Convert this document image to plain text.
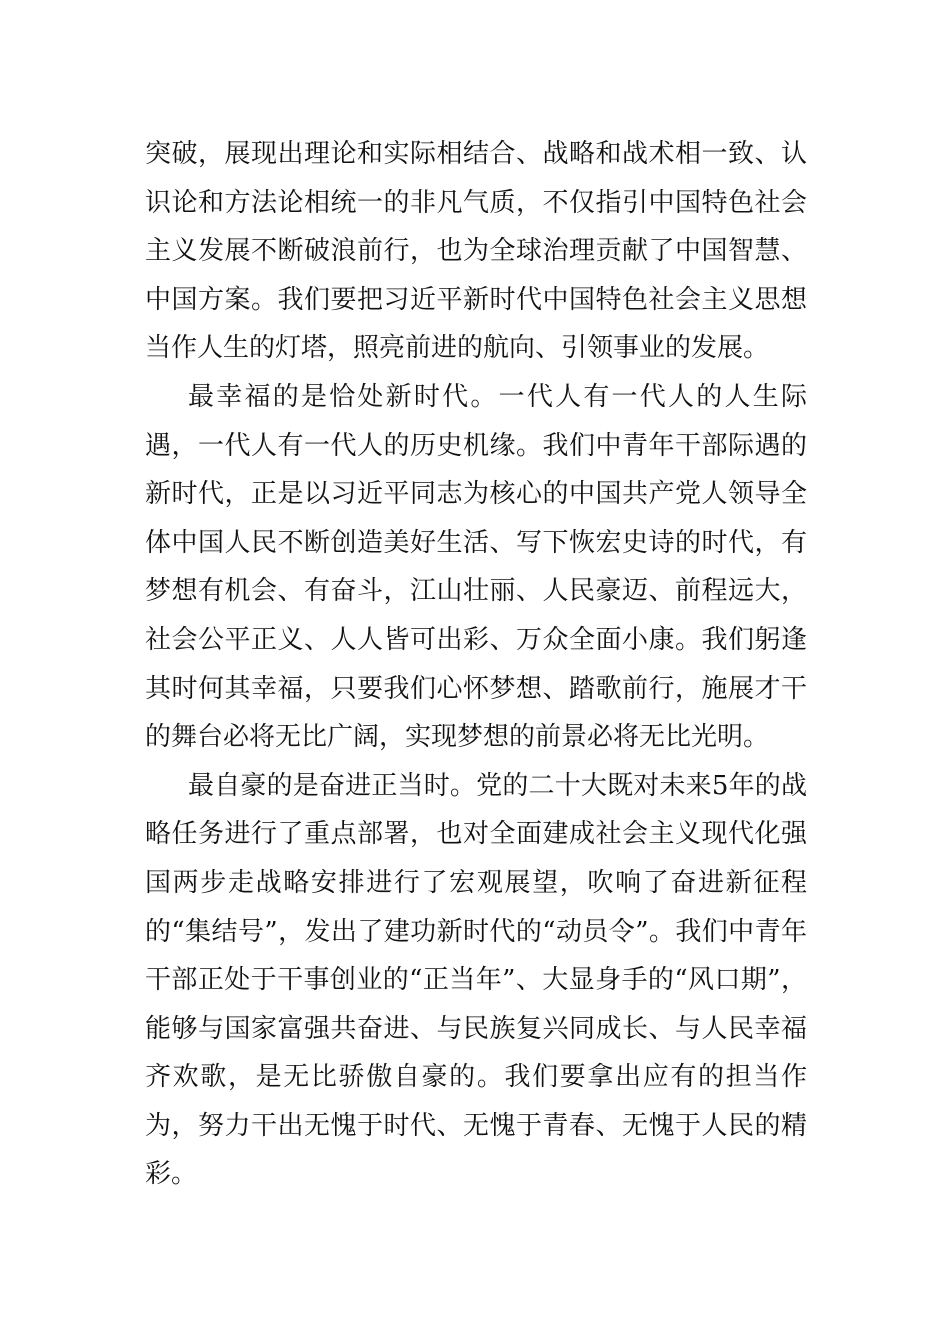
突破，展现出理论和实际相结合、战略和战术相一致、认识论和方法论相统一的非凡气质，不仅指引中国特色社会主义发展不断破浪前行，也为全球治理贡献了中国智慧、中国方案。我们要把习近平新时代中国特色社会主义思想当作人生的灯塔，照亮前进的航向、引领事业的发展。

最幸福的是恰处新时代。一代人有一代人的人生际遇，一代人有一代人的历史机缘。我们中青年干部际遇的新时代，正是以习近平同志为核心的中国共产党人领导全体中国人民不断创造美好生活、写下恢宏史诗的时代，有梦想有机会、有奋斗，江山壮丽、人民豪迈、前程远大，社会公平正义、人人皆可出彩、万众全面小康。我们躬逢其时何其幸福，只要我们心怀梦想、踏歌前行，施展才干的舞台必将无比广阔，实现梦想的前景必将无比光明。

最自豪的是奋进正当时。党的二十大既对未来5年的战略任务进行了重点部署，也对全面建成社会主义现代化强国两步走战略安排进行了宏观展望，吹响了奋进新征程的“集结号”，发出了建功新时代的“动员令”。我们中青年干部正处于干事创业的“正当年”、大显身手的“风口期”，能够与国家富强共奋进、与民族复兴同成长、与人民幸福齐欢歌，是无比骄傲自豪的。我们要拿出应有的担当作为，努力干出无愧于时代、无愧于青春、无愧于人民的精彩。
